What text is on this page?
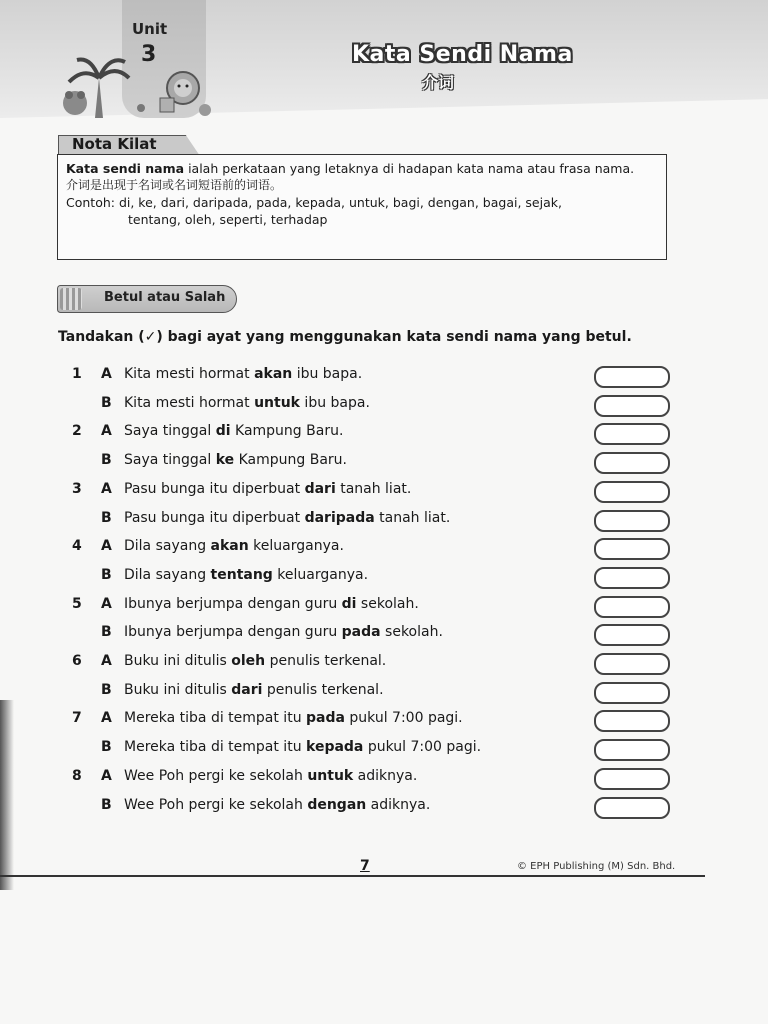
Unit
3	Kata Sendi Nama
介词
Nota Kilat

Kata sendi nama ialah perkataan yang letaknya di hadapan kata nama atau frasa nama.

介词是出现于名词或名词短语前的词语。

Contoh: di, ke, dari, daripada, pada, kepada, untuk, bagi, dengan, bagai, sejak,

tentang, oleh, seperti, terhadap

Betul atau Salah
Tandakan (✓) bagi ayat yang menggunakan kata sendi nama yang betul.
1 A Kita mesti hormat akan ibu bapa.
B Kita mesti hormat untuk ibu bapa.
2 A Saya tinggal di Kampung Baru.
B Saya tinggal ke Kampung Baru.
3 A Pasu bunga itu diperbuat dari tanah liat.
B Pasu bunga itu diperbuat daripada tanah liat.
4 A Dila sayang akan keluarganya.
B Dila sayang tentang keluarganya.
5 A Ibunya berjumpa dengan guru di sekolah.
B Ibunya berjumpa dengan guru pada sekolah.
6 A Buku ini ditulis oleh penulis terkenal.
B Buku ini ditulis dari penulis terkenal.
7 A Mereka tiba di tempat itu pada pukul 7:00 pagi.
B Mereka tiba di tempat itu kepada pukul 7:00 pagi.
8 A Wee Poh pergi ke sekolah untuk adiknya.
B Wee Poh pergi ke sekolah dengan adiknya.
7	© EPH Publishing (M) Sdn. Bhd.
